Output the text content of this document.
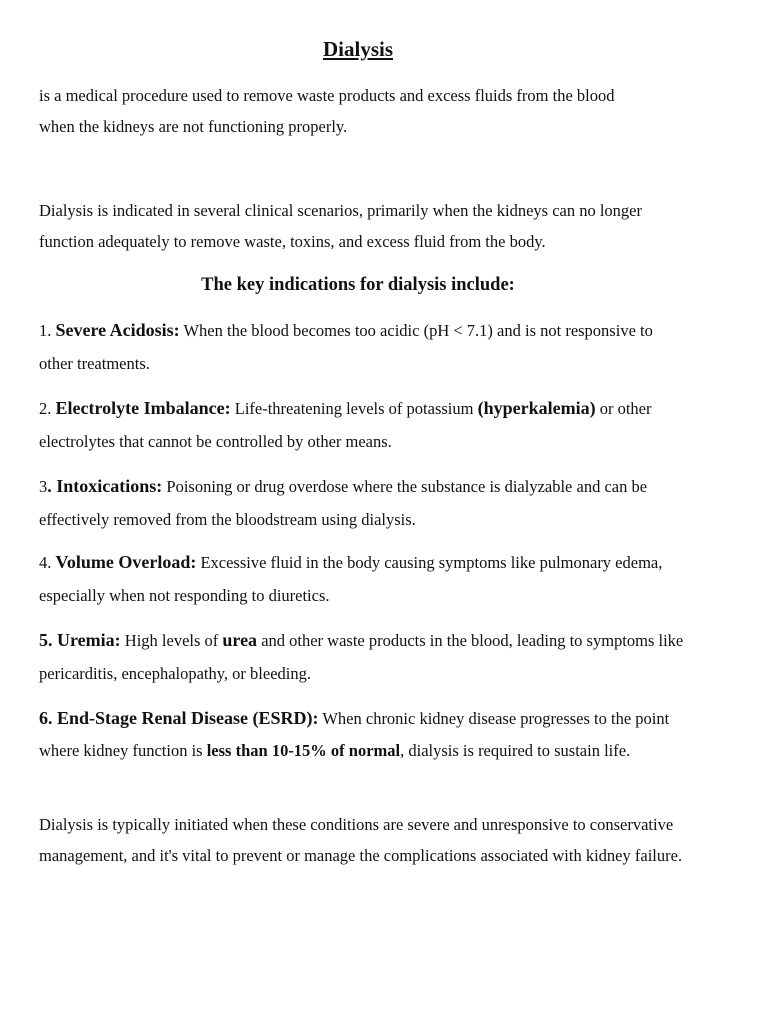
Dialysis

is a medical procedure used to remove waste products and excess fluids from the blood
when the kidneys are not functioning properly.

Dialysis is indicated in several clinical scenarios, primarily when the kidneys can no longer function adequately to remove waste, toxins, and excess fluid from the body.

The key indications for dialysis include:

1. Severe Acidosis: When the blood becomes too acidic (pH < 7.1) and is not responsive to other treatments.

2. Electrolyte Imbalance: Life-threatening levels of potassium (hyperkalemia) or other electrolytes that cannot be controlled by other means.

3. Intoxications: Poisoning or drug overdose where the substance is dialyzable and can be effectively removed from the bloodstream using dialysis.

4. Volume Overload: Excessive fluid in the body causing symptoms like pulmonary edema, especially when not responding to diuretics.

5. Uremia: High levels of urea and other waste products in the blood, leading to symptoms like pericarditis, encephalopathy, or bleeding.

6. End-Stage Renal Disease (ESRD): When chronic kidney disease progresses to the point where kidney function is less than 10-15% of normal, dialysis is required to sustain life.

Dialysis is typically initiated when these conditions are severe and unresponsive to conservative management, and it's vital to prevent or manage the complications associated with kidney failure.
